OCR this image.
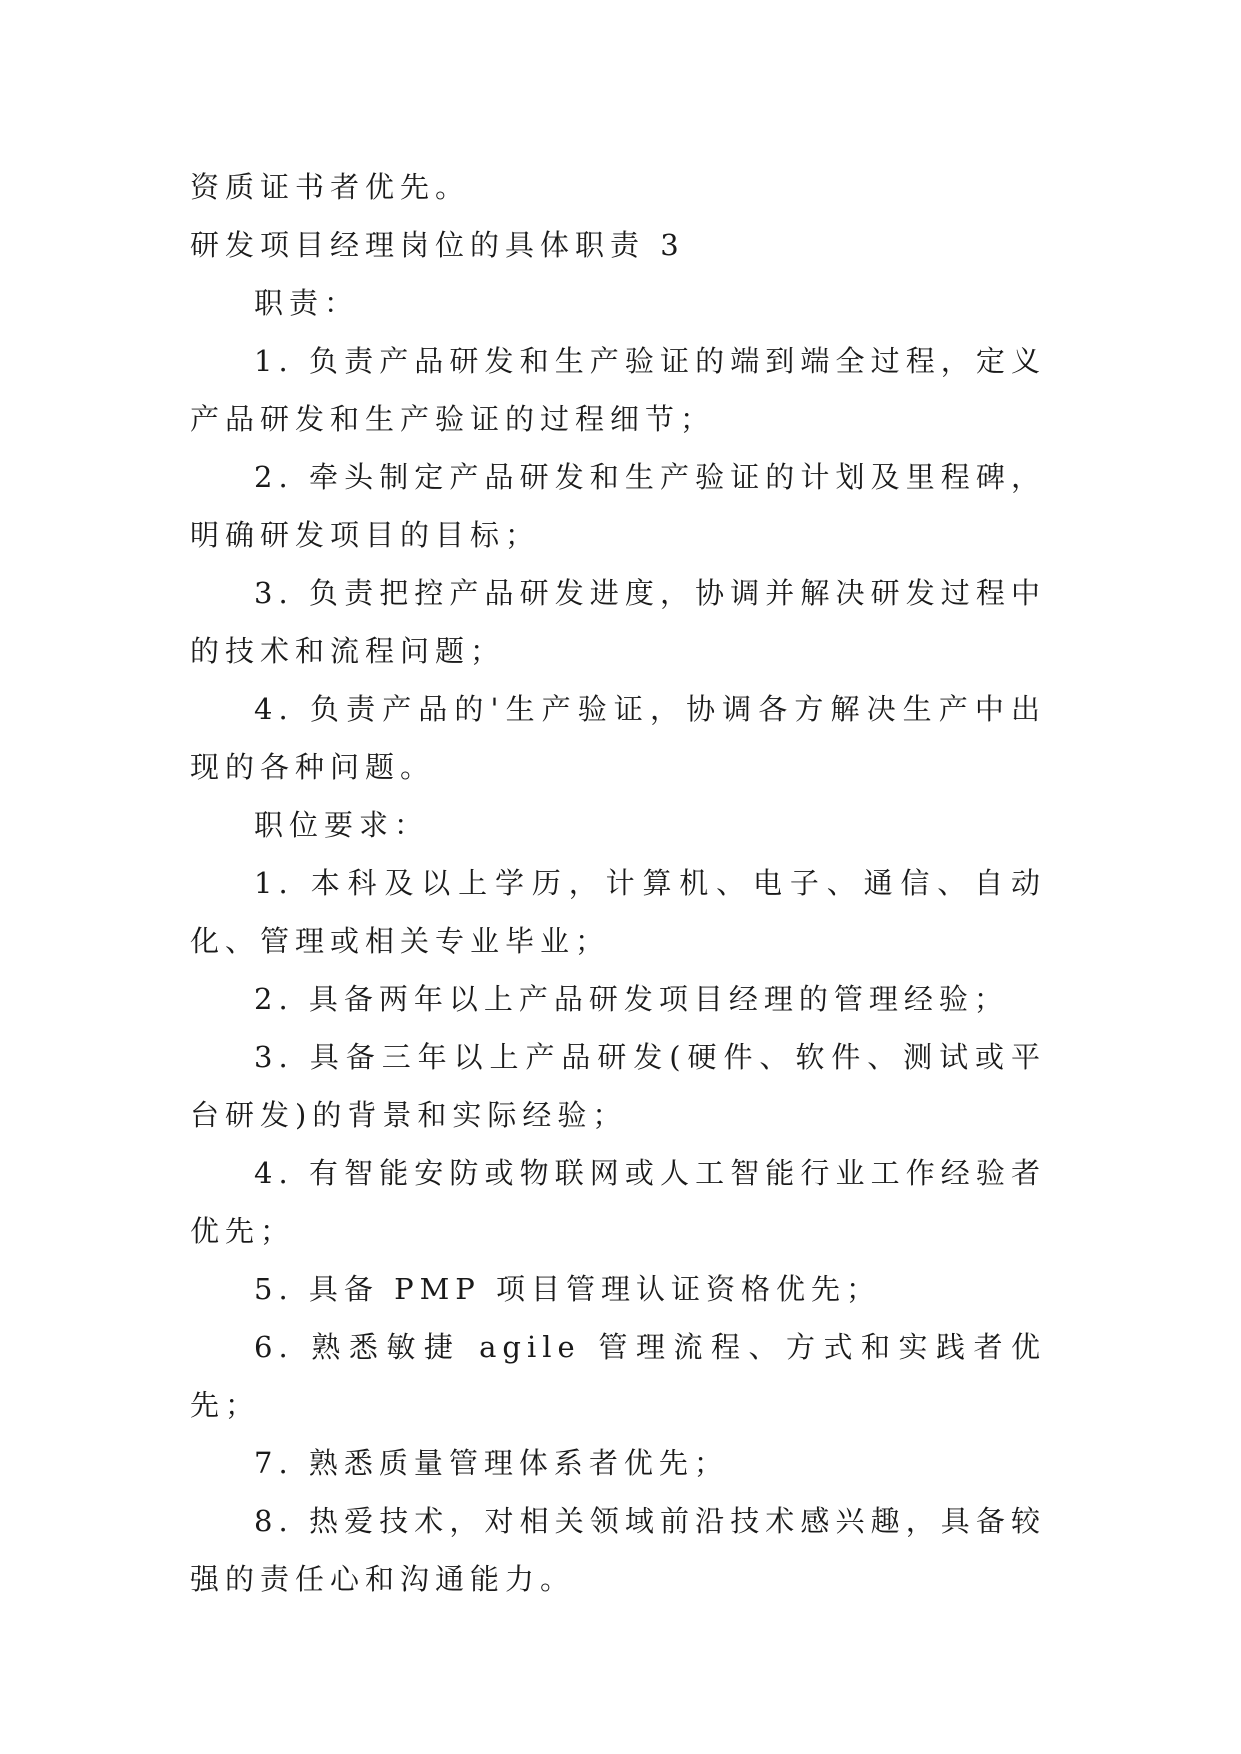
资质证书者优先。

研发项目经理岗位的具体职责 3

职责：

1. 负责产品研发和生产验证的端到端全过程，定义产品研发和生产验证的过程细节；

2. 牵头制定产品研发和生产验证的计划及里程碑，明确研发项目的目标；

3. 负责把控产品研发进度，协调并解决研发过程中的技术和流程问题；

4. 负责产品的'生产验证，协调各方解决生产中出现的各种问题。

职位要求：

1. 本科及以上学历，计算机、电子、通信、自动化、管理或相关专业毕业；

2. 具备两年以上产品研发项目经理的管理经验；

3. 具备三年以上产品研发(硬件、软件、测试或平台研发)的背景和实际经验；

4. 有智能安防或物联网或人工智能行业工作经验者优先；

5. 具备 PMP 项目管理认证资格优先；

6. 熟悉敏捷 agile 管理流程、方式和实践者优先；

7. 熟悉质量管理体系者优先；

8. 热爱技术，对相关领域前沿技术感兴趣，具备较强的责任心和沟通能力。
